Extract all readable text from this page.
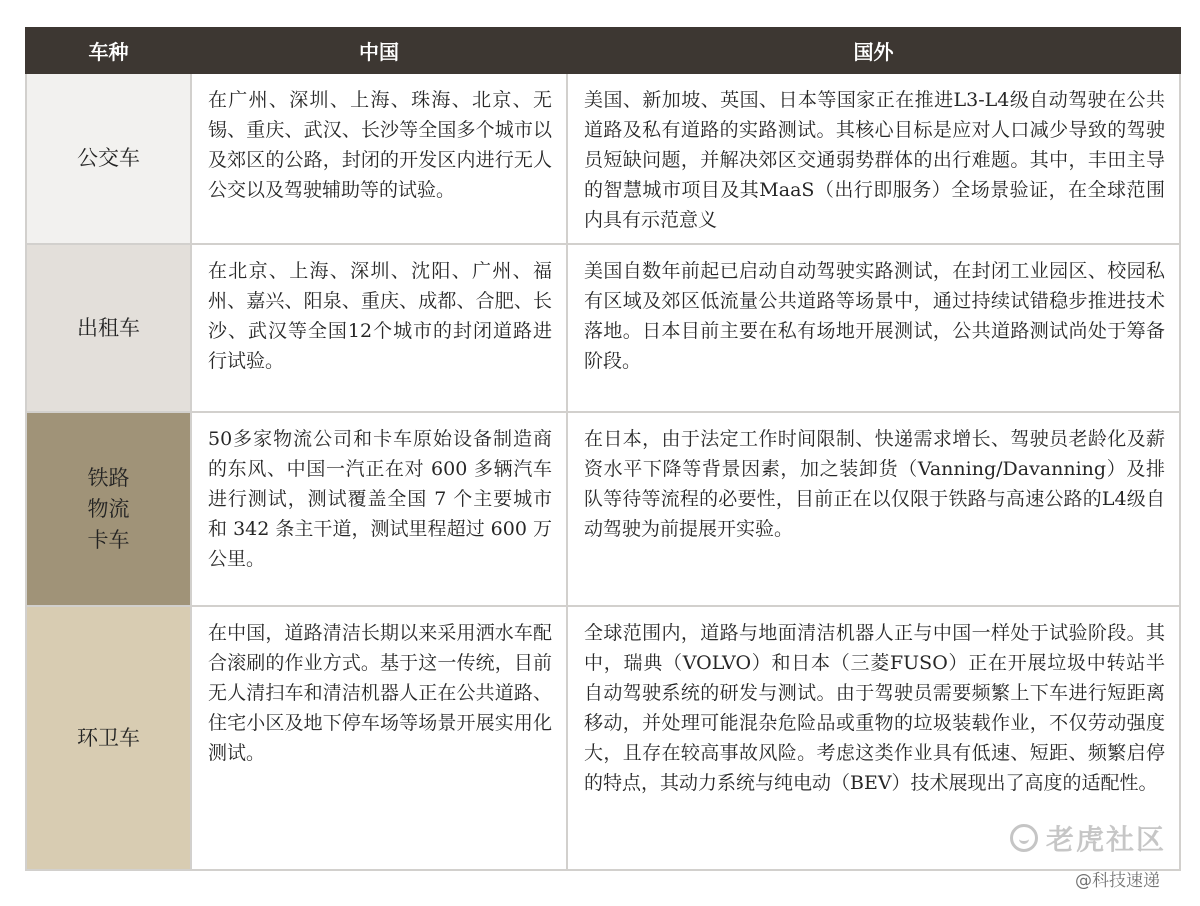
车种	中国	国外
公交车	在广州、深圳、上海、珠海、北京、无锡、重庆、武汉、长沙等全国多个城市以及郊区的公路，封闭的开发区内进行无人公交以及驾驶辅助等的试验。	美国、新加坡、英国、日本等国家正在推进L3-L4级自动驾驶在公共道路及私有道路的实路测试。其核心目标是应对人口减少导致的驾驶员短缺问题，并解决郊区交通弱势群体的出行难题。其中，丰田主导的智慧城市项目及其MaaS（出行即服务）全场景验证，在全球范围内具有示范意义
出租车	在北京、上海、深圳、沈阳、广州、福州、嘉兴、阳泉、重庆、成都、合肥、长沙、武汉等全国12个城市的封闭道路进行试验。	美国自数年前起已启动自动驾驶实路测试，在封闭工业园区、校园私有区域及郊区低流量公共道路等场景中，通过持续试错稳步推进技术落地。日本目前主要在私有场地开展测试，公共道路测试尚处于筹备阶段。
铁路
物流
卡车	50多家物流公司和卡车原始设备制造商的东风、中国一汽正在对 600 多辆汽车进行测试，测试覆盖全国 7 个主要城市和 342 条主干道，测试里程超过 600 万公里。	在日本，由于法定工作时间限制、快递需求增长、驾驶员老龄化及薪资水平下降等背景因素，加之装卸货（Vanning/Davanning）及排队等待等流程的必要性，目前正在以仅限于铁路与高速公路的L4级自动驾驶为前提展开实验。
环卫车	在中国，道路清洁长期以来采用洒水车配合滚刷的作业方式。基于这一传统，目前无人清扫车和清洁机器人正在公共道路、住宅小区及地下停车场等场景开展实用化测试。	全球范围内，道路与地面清洁机器人正与中国一样处于试验阶段。其中，瑞典（VOLVO）和日本（三菱FUSO）正在开展垃圾中转站半自动驾驶系统的研发与测试。由于驾驶员需要频繁上下车进行短距离移动，并处理可能混杂危险品或重物的垃圾装载作业，不仅劳动强度大，且存在较高事故风险。考虑这类作业具有低速、短距、频繁启停的特点，其动力系统与纯电动（BEV）技术展现出了高度的适配性。
老虎社区
@科技速递
